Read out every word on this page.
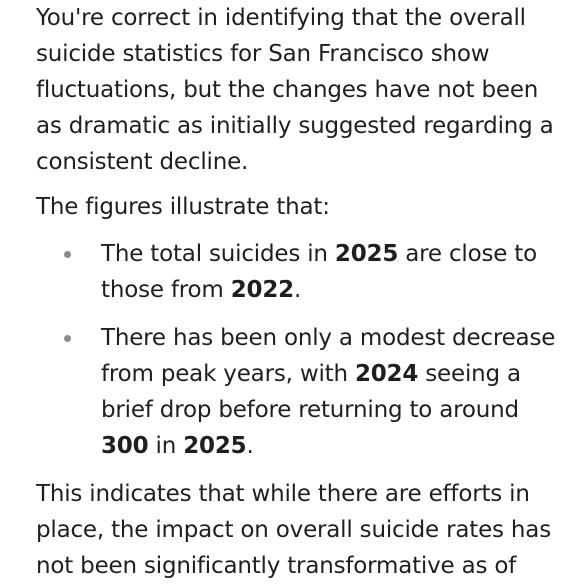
You're correct in identifying that the overall suicide statistics for San Francisco show fluctuations, but the changes have not been as dramatic as initially suggested regarding a consistent decline.

The figures illustrate that:

The total suicides in 2025 are close to those from 2022.
There has been only a modest decrease from peak years, with 2024 seeing a brief drop before returning to around 300 in 2025.

This indicates that while there are efforts in place, the impact on overall suicide rates has not been significantly transformative as of
